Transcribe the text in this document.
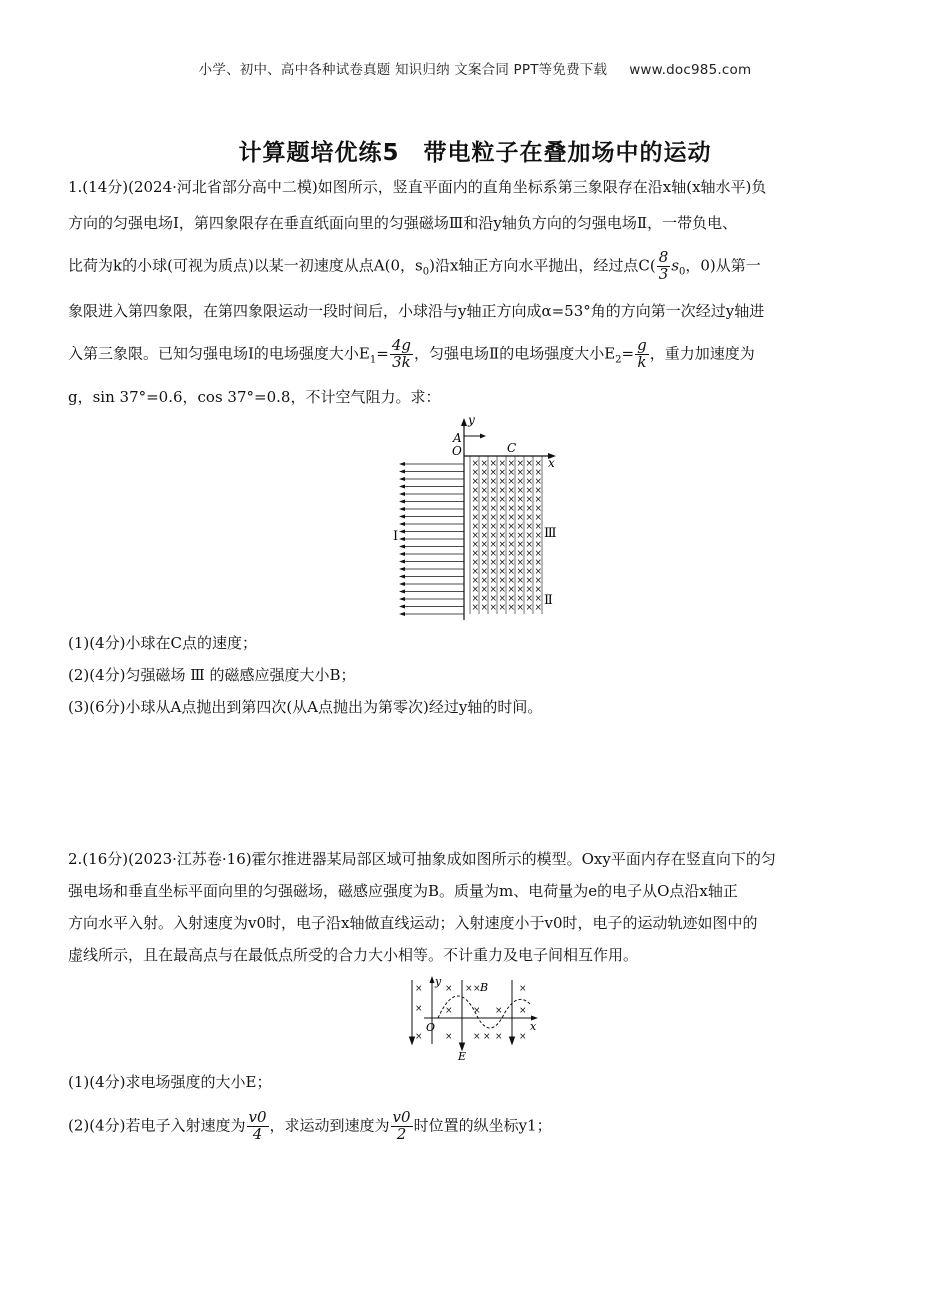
小学、初中、高中各种试卷真题 知识归纳 文案合同 PPT等免费下载 www.doc985.com
计算题培优练5　带电粒子在叠加场中的运动
1.(14分)(2024·河北省部分高中二模)如图所示，竖直平面内的直角坐标系第三象限存在沿x轴(x轴水平)负
方向的匀强电场Ⅰ，第四象限存在垂直纸面向里的匀强磁场Ⅲ和沿y轴负方向的匀强电场Ⅱ，一带负电、
比荷为k的小球(可视为质点)以某一初速度从点A(0，$s_0$)沿x轴正方向水平抛出，经过点$C( \frac{8}{3} s_0$，0)从第一
象限进入第四象限，在第四象限运动一段时间后，小球沿与y轴正方向成α=53°角的方向第一次经过y轴进
入第三象限。已知匀强电场Ⅰ的电场强度大小$E_1= \frac{4g}{3k}$ ，匀强电场Ⅱ的电场强度大小$E_2= \frac{g}{k}$ ，重力加速度为
g，sin 37°=0.6，cos 37°=0.8，不计空气阻力。求：
× × × × × × × ×
× × × × × × × ×
× × × × × × × ×
× × × × × × × ×
× × × × × × × ×
× × × × × × × ×
× × × × × × × ×
× × × × × × × ×
× × × × × × × ×
× × × × × × × ×
× × × × × × × ×
× × × × × × × ×
× × × × × × × ×
× × × × × × × ×
× × × × × × × ×
× × × × × × × ×
× × × × × × × ×
y
A
O	C
x
Ⅰ	Ⅲ
Ⅱ
(1)(4分)小球在C点的速度；
(2)(4分)匀强磁场 Ⅲ 的磁感应强度大小B；
(3)(6分)小球从A点抛出到第四次(从A点抛出为第零次)经过y轴的时间。
2.(16分)(2023·江苏卷·16)霍尔推进器某局部区域可抽象成如图所示的模型。Oxy平面内存在竖直向下的匀
强电场和垂直坐标平面向里的匀强磁场，磁感应强度为B。质量为m、电荷量为e的电子从O点沿x轴正
方向水平入射。入射速度为v0时，电子沿x轴做直线运动；入射速度小于v0时，电子的运动轨迹如图中的
虚线所示，且在最高点与在最低点所受的合力大小相等。不计重力及电子间相互作用。
×
×
×
×
×
×
×
×
×
×
×
×
×
×
×
×
y	B
O	x
E
(1)(4分)求电场强度的大小E；
(2)(4分)若电子入射速度为 $\frac{v0}{4}$ ，求运动到速度为 $\frac{v0}{2}$ 时位置的纵坐标y1；
